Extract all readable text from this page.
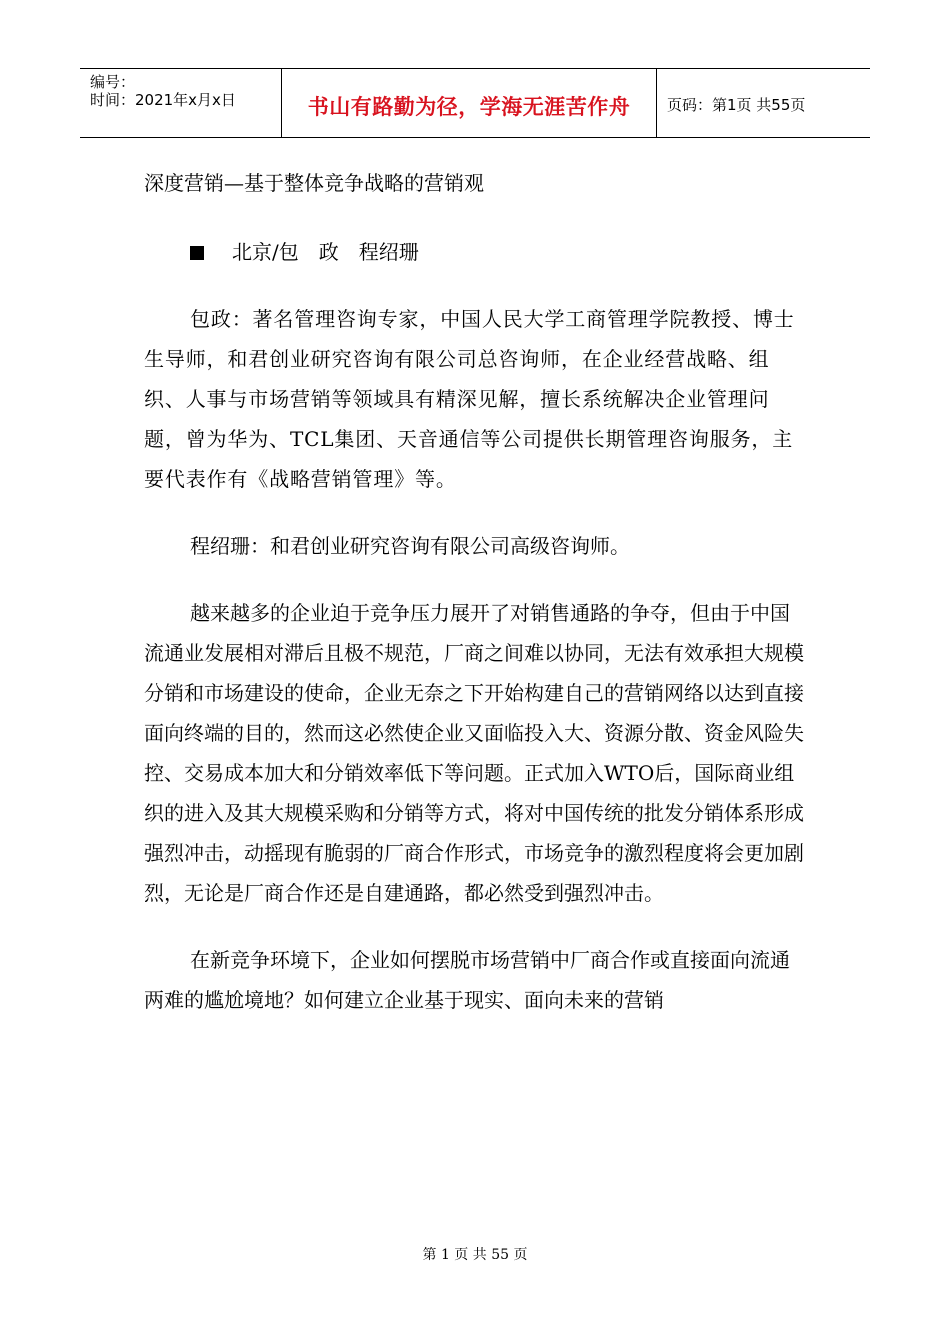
编号：
时间：2021年x月x日	书山有路勤为径，学海无涯苦作舟	页码：第1页 共55页

深度营销—基于整体竞争战略的营销观

北京/包　政　程绍珊

包政：著名管理咨询专家，中国人民大学工商管理学院教授、博士生导师，和君创业研究咨询有限公司总咨询师，在企业经营战略、组织、人事与市场营销等领域具有精深见解，擅长系统解决企业管理问题，曾为华为、TCL集团、天音通信等公司提供长期管理咨询服务，主要代表作有《战略营销管理》等。

程绍珊：和君创业研究咨询有限公司高级咨询师。

越来越多的企业迫于竞争压力展开了对销售通路的争夺，但由于中国流通业发展相对滞后且极不规范，厂商之间难以协同，无法有效承担大规模分销和市场建设的使命，企业无奈之下开始构建自己的营销网络以达到直接面向终端的目的，然而这必然使企业又面临投入大、资源分散、资金风险失控、交易成本加大和分销效率低下等问题。正式加入WTO后，国际商业组织的进入及其大规模采购和分销等方式，将对中国传统的批发分销体系形成强烈冲击，动摇现有脆弱的厂商合作形式，市场竞争的激烈程度将会更加剧烈，无论是厂商合作还是自建通路，都必然受到强烈冲击。

在新竞争环境下，企业如何摆脱市场营销中厂商合作或直接面向流通两难的尴尬境地？如何建立企业基于现实、面向未来的营销

第 1 页 共 55 页
